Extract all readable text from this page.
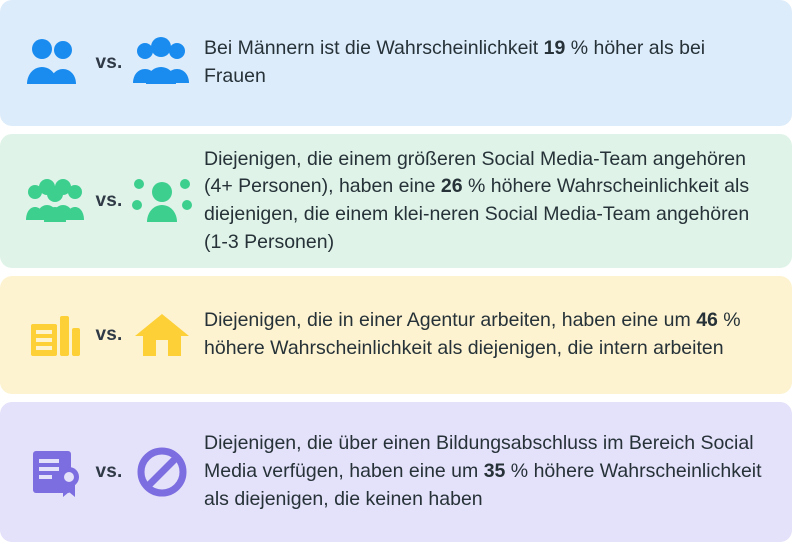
vs.
Bei Männern ist die Wahrscheinlichkeit 19 % höher als bei Frauen
vs.
Diejenigen, die einem größeren Social Media-Team angehören (4+ Personen), haben eine 26 % höhere Wahrscheinlichkeit als diejenigen, die einem klei-neren Social Media-Team angehören (1-3 Personen)
vs.
Diejenigen, die in einer Agentur arbeiten, haben eine um 46 % höhere Wahrscheinlichkeit als diejenigen, die intern arbeiten
vs.
Diejenigen, die über einen Bildungsabschluss im Bereich Social Media verfügen, haben eine um 35 % höhere Wahrscheinlichkeit als diejenigen, die keinen haben
